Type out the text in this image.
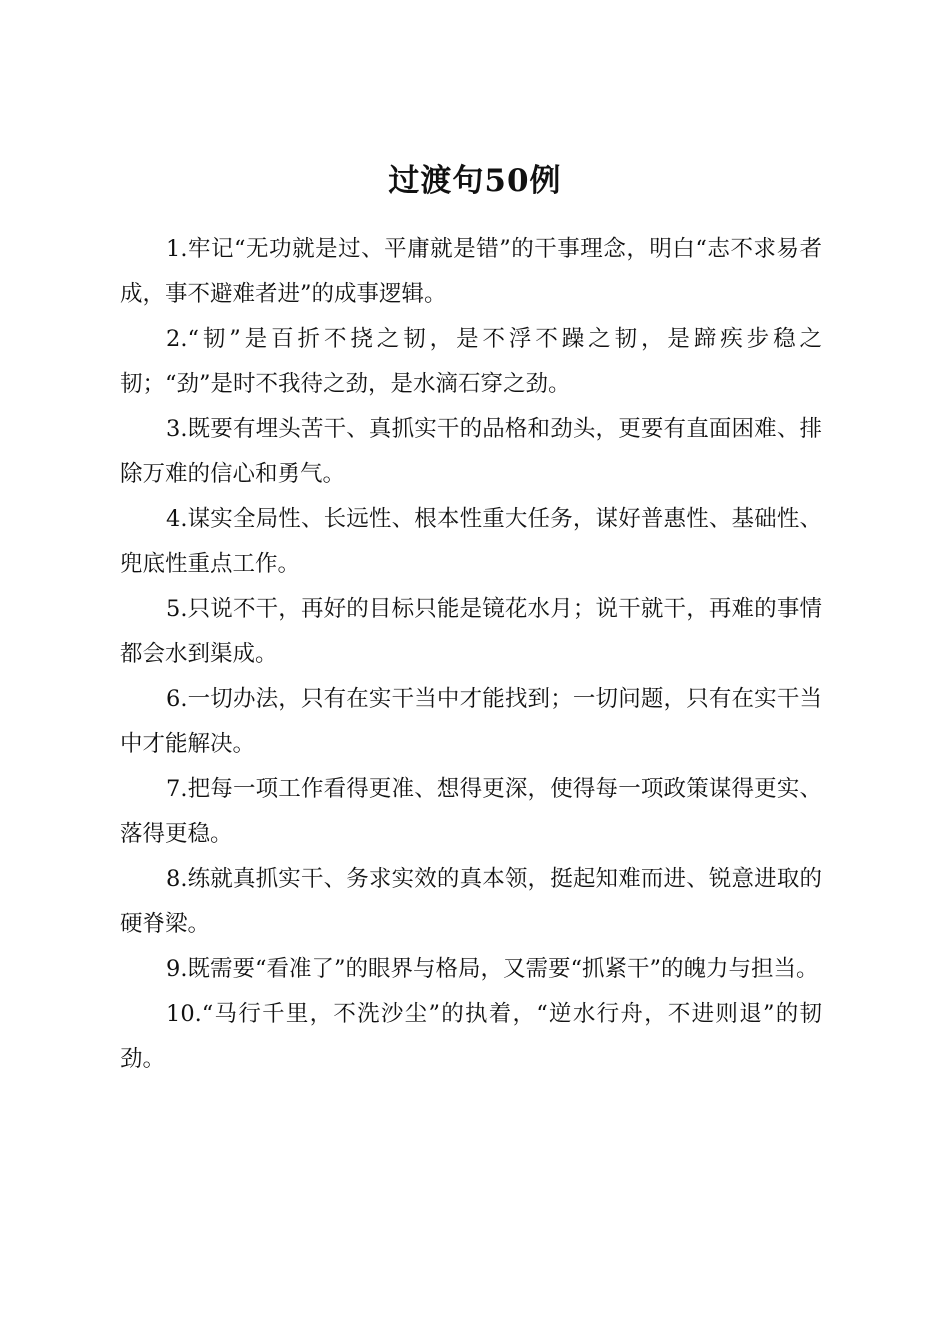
过渡句50例

1.牢记“无功就是过、平庸就是错”的干事理念，明白“志不求易者成，事不避难者进”的成事逻辑。

2.“韧”是百折不挠之韧，是不浮不躁之韧，是蹄疾步稳之韧；“劲”是时不我待之劲，是水滴石穿之劲。

3.既要有埋头苦干、真抓实干的品格和劲头，更要有直面困难、排除万难的信心和勇气。

4.谋实全局性、长远性、根本性重大任务，谋好普惠性、基础性、兜底性重点工作。

5.只说不干，再好的目标只能是镜花水月；说干就干，再难的事情都会水到渠成。

6.一切办法，只有在实干当中才能找到；一切问题，只有在实干当中才能解决。

7.把每一项工作看得更准、想得更深，使得每一项政策谋得更实、落得更稳。

8.练就真抓实干、务求实效的真本领，挺起知难而进、锐意进取的硬脊梁。

9.既需要“看准了”的眼界与格局，又需要“抓紧干”的魄力与担当。

10.“马行千里，不洗沙尘”的执着，“逆水行舟，不进则退”的韧劲。
